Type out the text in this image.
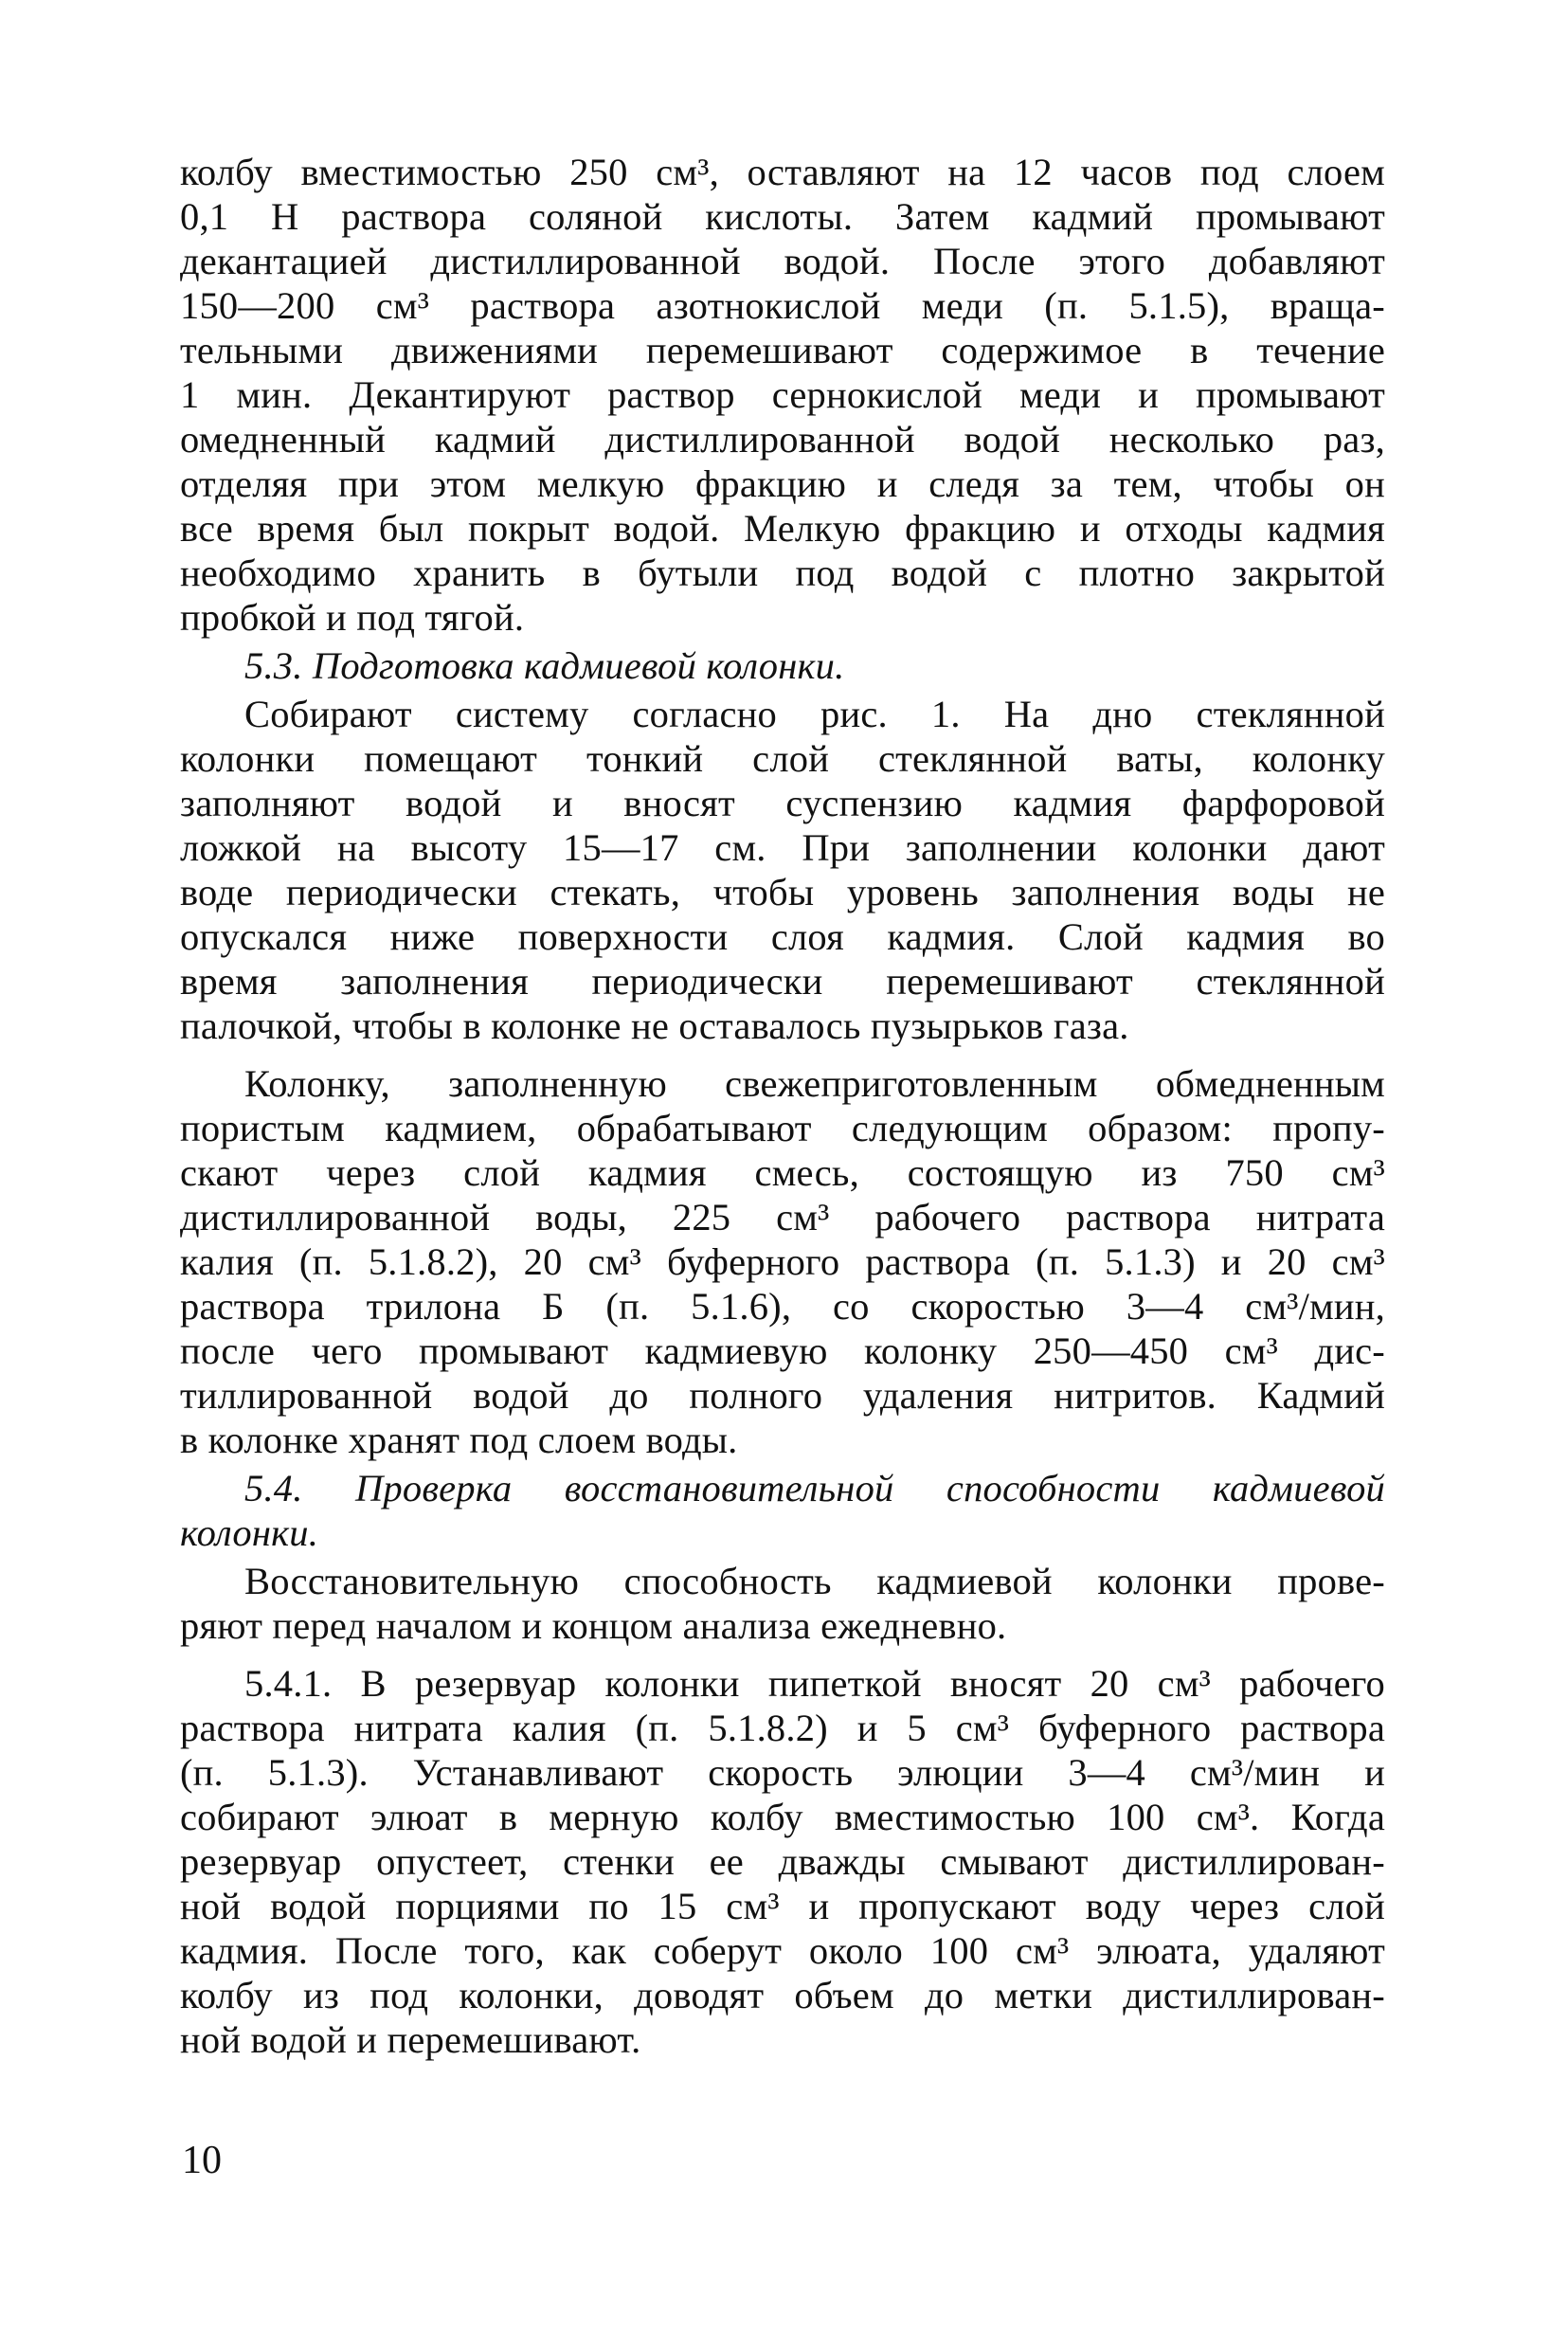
колбу вместимостью 250 см³, оставляют на 12 часов под слоем
0,1 Н раствора соляной кислоты. Затем кадмий промывают
декантацией дистиллированной водой. После этого добавляют
150—200 см³ раствора азотнокислой меди (п. 5.1.5), враща-
тельными движениями перемешивают содержимое в течение
1 мин. Декантируют раствор сернокислой меди и промывают
омедненный кадмий дистиллированной водой несколько раз,
отделяя при этом мелкую фракцию и следя за тем, чтобы он
все время был покрыт водой. Мелкую фракцию и отходы кадмия
необходимо хранить в бутыли под водой с плотно закрытой
пробкой и под тягой.
5.3. Подготовка кадмиевой колонки.
Собирают систему согласно рис. 1. На дно стеклянной
колонки помещают тонкий слой стеклянной ваты, колонку
заполняют водой и вносят суспензию кадмия фарфоровой
ложкой на высоту 15—17 см. При заполнении колонки дают
воде периодически стекать, чтобы уровень заполнения воды не
опускался ниже поверхности слоя кадмия. Слой кадмия во
время заполнения периодически перемешивают стеклянной
палочкой, чтобы в колонке не оставалось пузырьков газа.
Колонку, заполненную свежеприготовленным обмедненным
пористым кадмием, обрабатывают следующим образом: пропу-
скают через слой кадмия смесь, состоящую из 750 см³
дистиллированной воды, 225 см³ рабочего раствора нитрата
калия (п. 5.1.8.2), 20 см³ буферного раствора (п. 5.1.3) и 20 см³
раствора трилона Б (п. 5.1.6), со скоростью 3—4 см³/мин,
после чего промывают кадмиевую колонку 250—450 см³ дис-
тиллированной водой до полного удаления нитритов. Кадмий
в колонке хранят под слоем воды.
5.4. Проверка восстановительной способности кадмиевой
колонки.
Восстановительную способность кадмиевой колонки прове-
ряют перед началом и концом анализа ежедневно.
5.4.1. В резервуар колонки пипеткой вносят 20 см³ рабочего
раствора нитрата калия (п. 5.1.8.2) и 5 см³ буферного раствора
(п. 5.1.3). Устанавливают скорость элюции 3—4 см³/мин и
собирают элюат в мерную колбу вместимостью 100 см³. Когда
резервуар опустеет, стенки ее дважды смывают дистиллирован-
ной водой порциями по 15 см³ и пропускают воду через слой
кадмия. После того, как соберут около 100 см³ элюата, удаляют
колбу из под колонки, доводят объем до метки дистиллирован-
ной водой и перемешивают.
10
